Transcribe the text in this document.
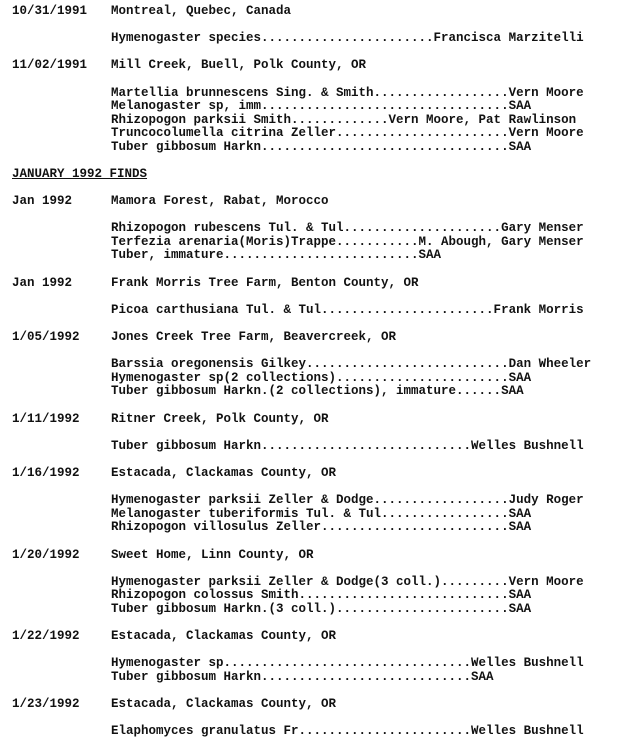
10/31/1991 Montreal, Quebec, Canada
Hymenogaster species.......................Francisca Marzitelli
11/02/1991 Mill Creek, Buell, Polk County, OR
Martellia brunnescens Sing. & Smith..................Vern Moore
Melanogaster sp, imm.................................SAA
Rhizopogon parksii Smith.............Vern Moore, Pat Rawlinson
Truncocolumella citrina Zeller.......................Vern Moore
Tuber gibbosum Harkn.................................SAA
JANUARY 1992 FINDS
Jan 1992	Mamora Forest, Rabat, Morocco
Rhizopogon rubescens Tul. & Tul.....................Gary Menser
Terfezia arenaria(Moris)Trappe...........M. Abough, Gary Menser
Tuber, immature..........................SAA
Jan 1992	Frank Morris Tree Farm, Benton County, OR
Picoa carthusiana Tul. & Tul.......................Frank Morris
1/05/1992	Jones Creek Tree Farm, Beavercreek, OR
Barssia oregonensis Gilkey...........................Dan Wheeler
Hymenogaster sp(2 collections).......................SAA
Tuber gibbosum Harkn.(2 collections), immature......SAA
1/11/1992	Ritner Creek, Polk County, OR
Tuber gibbosum Harkn............................Welles Bushnell
1/16/1992	Estacada, Clackamas County, OR
Hymenogaster parksii Zeller & Dodge..................Judy Roger
Melanogaster tuberiformis Tul. & Tul.................SAA
Rhizopogon villosulus Zeller.........................SAA
1/20/1992	Sweet Home, Linn County, OR
Hymenogaster parksii Zeller & Dodge(3 coll.).........Vern Moore
Rhizopogon colossus Smith............................SAA
Tuber gibbosum Harkn.(3 coll.).......................SAA
1/22/1992	Estacada, Clackamas County, OR
Hymenogaster sp.................................Welles Bushnell
Tuber gibbosum Harkn............................SAA
1/23/1992	Estacada, Clackamas County, OR
Elaphomyces granulatus Fr.......................Welles Bushnell
